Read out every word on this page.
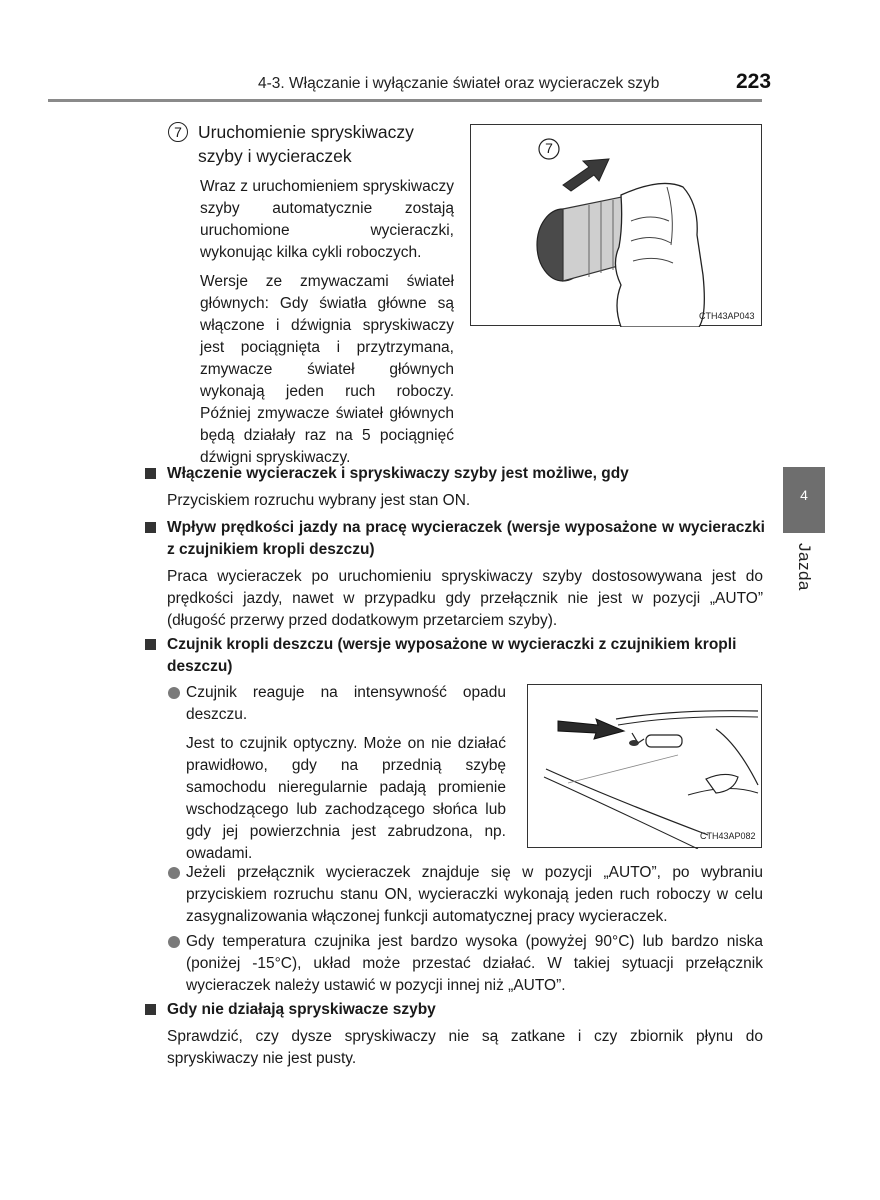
4-3. Włączanie i wyłączanie świateł oraz wycieraczek szyb	223
4
Jazda
7 Uruchomienie spryskiwaczy szyby i wycieraczek

Wraz z uruchomieniem spryskiwaczy szyby automatycznie zostają uruchomione wycieraczki, wykonując kilka cykli roboczych.

Wersje ze zmywaczami świateł głównych: Gdy światła główne są włączone i dźwignia spryskiwaczy jest pociągnięta i przytrzymana, zmywacze świateł głównych wykonają jeden ruch roboczy. Później zmywacze świateł głównych będą działały raz na 5 pociągnięć dźwigni spryskiwaczy.

7
CTH43AP043
Włączenie wycieraczek i spryskiwaczy szyby jest możliwe, gdy
Przyciskiem rozruchu wybrany jest stan ON.
Wpływ prędkości jazdy na pracę wycieraczek (wersje wyposażone w wycieraczki z czujnikiem kropli deszczu)
Praca wycieraczek po uruchomieniu spryskiwaczy szyby dostosowywana jest do prędkości jazdy, nawet w przypadku gdy przełącznik nie jest w pozycji „AUTO” (długość przerwy przed dodatkowym przetarciem szyby).
Czujnik kropli deszczu (wersje wyposażone w wycieraczki z czujnikiem kropli deszczu)

Czujnik reaguje na intensywność opadu deszczu.

Jest to czujnik optyczny. Może on nie działać prawidłowo, gdy na przednią szybę samochodu nieregularnie padają promienie wschodzącego lub zachodzącego słońca lub gdy jej powierzchnia jest zabrudzona, np. owadami.

CTH43AP082

Jeżeli przełącznik wycieraczek znajduje się w pozycji „AUTO”, po wybraniu przyciskiem rozruchu stanu ON, wycieraczki wykonają jeden ruch roboczy w celu zasygnalizowania włączonej funkcji automatycznej pracy wycieraczek.

Gdy temperatura czujnika jest bardzo wysoka (powyżej 90°C) lub bardzo niska (poniżej -15°C), układ może przestać działać. W takiej sytuacji przełącznik wycieraczek należy ustawić w pozycji innej niż „AUTO”.

Gdy nie działają spryskiwacze szyby
Sprawdzić, czy dysze spryskiwaczy nie są zatkane i czy zbiornik płynu do spryskiwaczy nie jest pusty.
